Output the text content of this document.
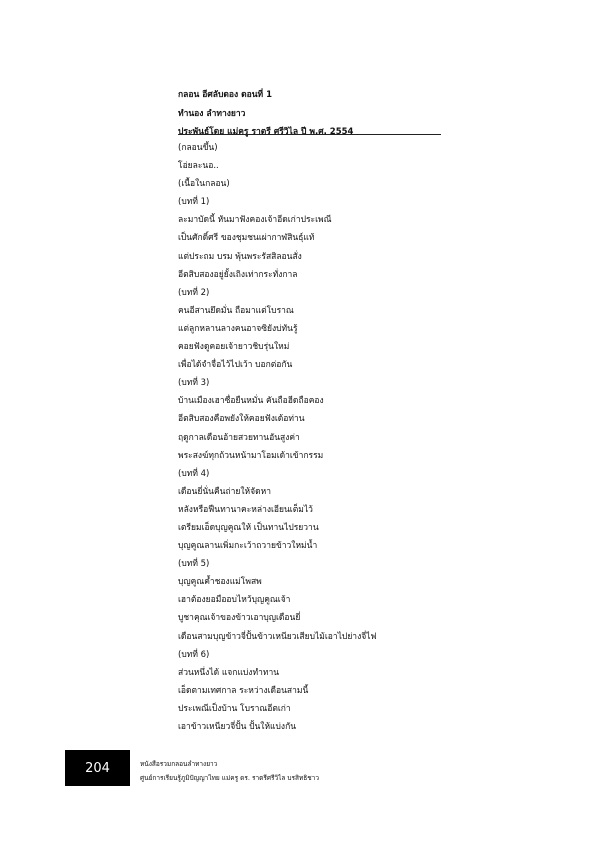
กลอน อีศลับดอง ดอนที่ 1
ทำนอง ลำทางยาว
ประพันธ์โดย แม่ครู ราตรี ศรีวิไล ปี พ.ศ. 2554
(กลอนขึ้น)
โอ่ยละนอ..
(เนื้อในกลอน)
(บทที่ 1)
ละมาบัดนี้ หันมาฟังคองเจ้าอีดเก่าประเพณี
เป็นศักดิ์ศรี ของชุมชนเผ่ากาฬสินธุ์แท้
แต่ประถม บรม พุ้นพระรัสสิลอนสั่ง
อีตสิบสองอยู่ยั้งเถิงเท่ากระทั่งกาล
(บทที่ 2)
คนอีสานยึดมั่น ถือมาแต่โบราณ
แต่ลูกหลานลางคนอาจซิยังบ่ทันรู้
คอยฟังดูคอยเจ้ายาวชิบรุ่นใหม่
เพื่อได้จำจื่อไว้ไปเว้า บอกต่อกัน
(บทที่ 3)
บ้านเมืองเฮาซื่อยืนหมั่น คันถือฮีดถือคอง
อีตสิบสองคือพยังให้คอยฟังเด้อท่าน
ฤดูกาลเดือนอ้ายสวยทานอันสูงค่า
พระสงฆ์ทุกถ้วนหน้ามาโอมเด้าเข้ากรรม
(บทที่ 4)
เดือนยี่นั่นคืนถ่ายให้จัดหา
หลังหรือฟืนทานาคะหล่างเอียนเต็มไว้
เตรียมเอ็ดบุญคูณให้ เป็นทานไปรยวาน
บุญคูณลานเพิ่มกะเว้าถวายข้าวใหม่น้ำ
(บทที่ 5)
บุญคูณค้ำชองแม่โพสพ
เฮาต้องยอมืออบไหว้บุญคูณเจ้า
บูชาคุณเจ้าของข้าวเอาบุญเดือนยี่
เดือนสามบุญข้าวจี่ปั้นข้าวเหนียวเสียบไม้เอาไปย่างจี่ไฟ
(บทที่ 6)
ส่วนหนึ่งได้ แจกแบ่งทำทาน
เอ็ดตามเทศกาล ระหว่างเดือนสามนี้
ประเพณีเป็งบ้าน โบราณอีตเก่า
เอาข้าวเหนียวจี่ปั้น ปั้นให้แบ่งกัน
204	หนังสือรวมกลอนลำทางยาว
ศูนย์การเรียนรู้ภูมิปัญญาไทย แม่ครู ดร. ราตรีศรีวิไล บรสิทธิชาว
